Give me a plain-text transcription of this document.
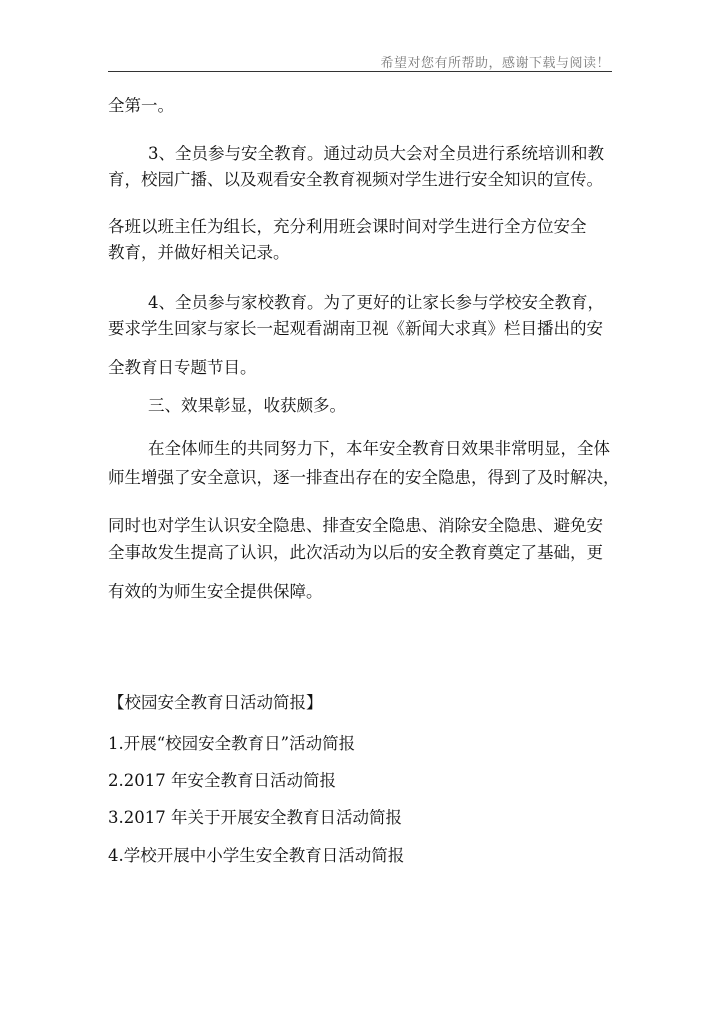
希望对您有所帮助，感谢下载与阅读！
全第一。
3、全员参与安全教育。通过动员大会对全员进行系统培训和教
育，校园广播、以及观看安全教育视频对学生进行安全知识的宣传。
各班以班主任为组长，充分利用班会课时间对学生进行全方位安全
教育，并做好相关记录。
4、全员参与家校教育。为了更好的让家长参与学校安全教育，
要求学生回家与家长一起观看湖南卫视《新闻大求真》栏目播出的安
全教育日专题节目。
三、效果彰显，收获颇多。
在全体师生的共同努力下，本年安全教育日效果非常明显，全体
师生增强了安全意识，逐一排查出存在的安全隐患，得到了及时解决，
同时也对学生认识安全隐患、排查安全隐患、消除安全隐患、避免安
全事故发生提高了认识，此次活动为以后的安全教育奠定了基础，更
有效的为师生安全提供保障。
【校园安全教育日活动简报】
1.开展“校园安全教育日”活动简报
2.2017 年安全教育日活动简报
3.2017 年关于开展安全教育日活动简报
4.学校开展中小学生安全教育日活动简报
